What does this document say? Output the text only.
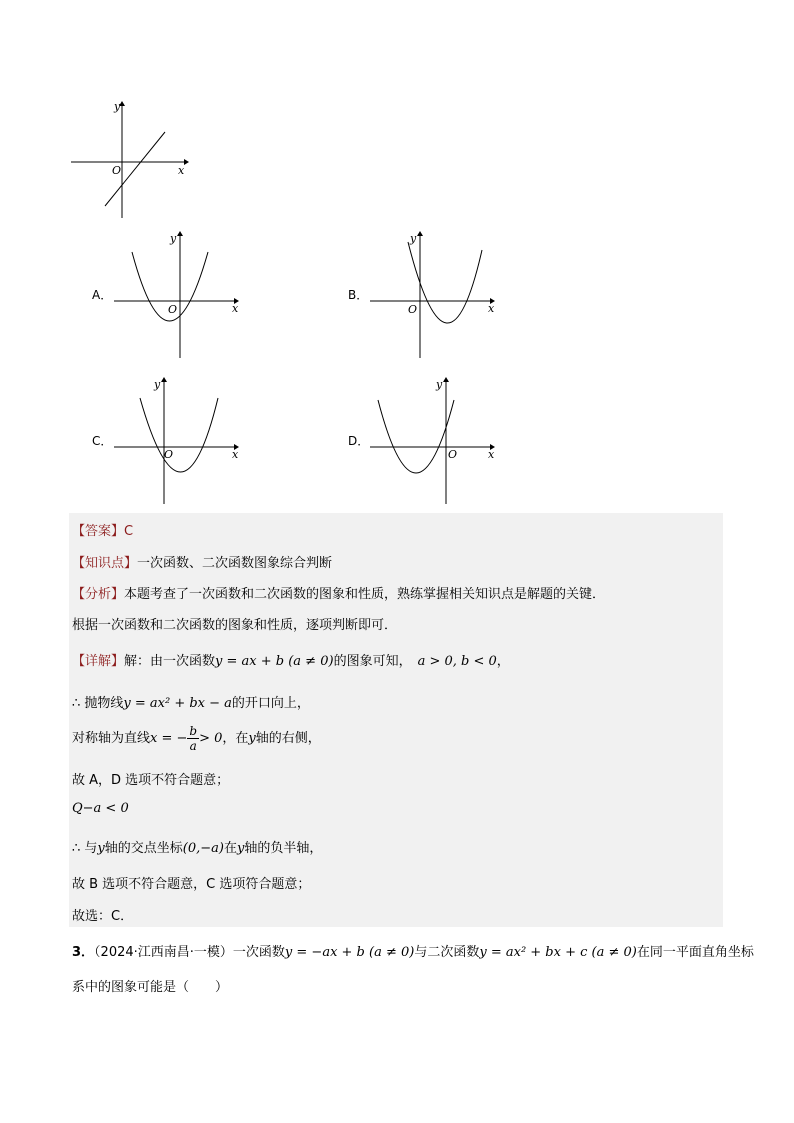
y
x
O
A．
y
x
O
B．
y
x
O
C．
y
x
O
D．
y
x
O
【答案】C
【知识点】一次函数、二次函数图象综合判断
【分析】本题考查了一次函数和二次函数的图象和性质，熟练掌握相关知识点是解题的关键．
根据一次函数和二次函数的图象和性质，逐项判断即可．
【详解】解：由一次函数y = ax + b (a ≠ 0)的图象可知， a > 0, b < 0，
∴ 抛物线y = ax² + bx − a的开口向上，
对称轴为直线x = − $\frac{b}{a} > 0$，在y轴的右侧，
故 A，D 选项不符合题意；
Q−a < 0
∴ 与y轴的交点坐标(0,−a)在y轴的负半轴，
故 B 选项不符合题意，C 选项符合题意；
故选：C．
3．（2024·江西南昌·一模）一次函数y = −ax + b (a ≠ 0)与二次函数y = ax² + bx + c (a ≠ 0)在同一平面直角坐标
系中的图象可能是（　　）
